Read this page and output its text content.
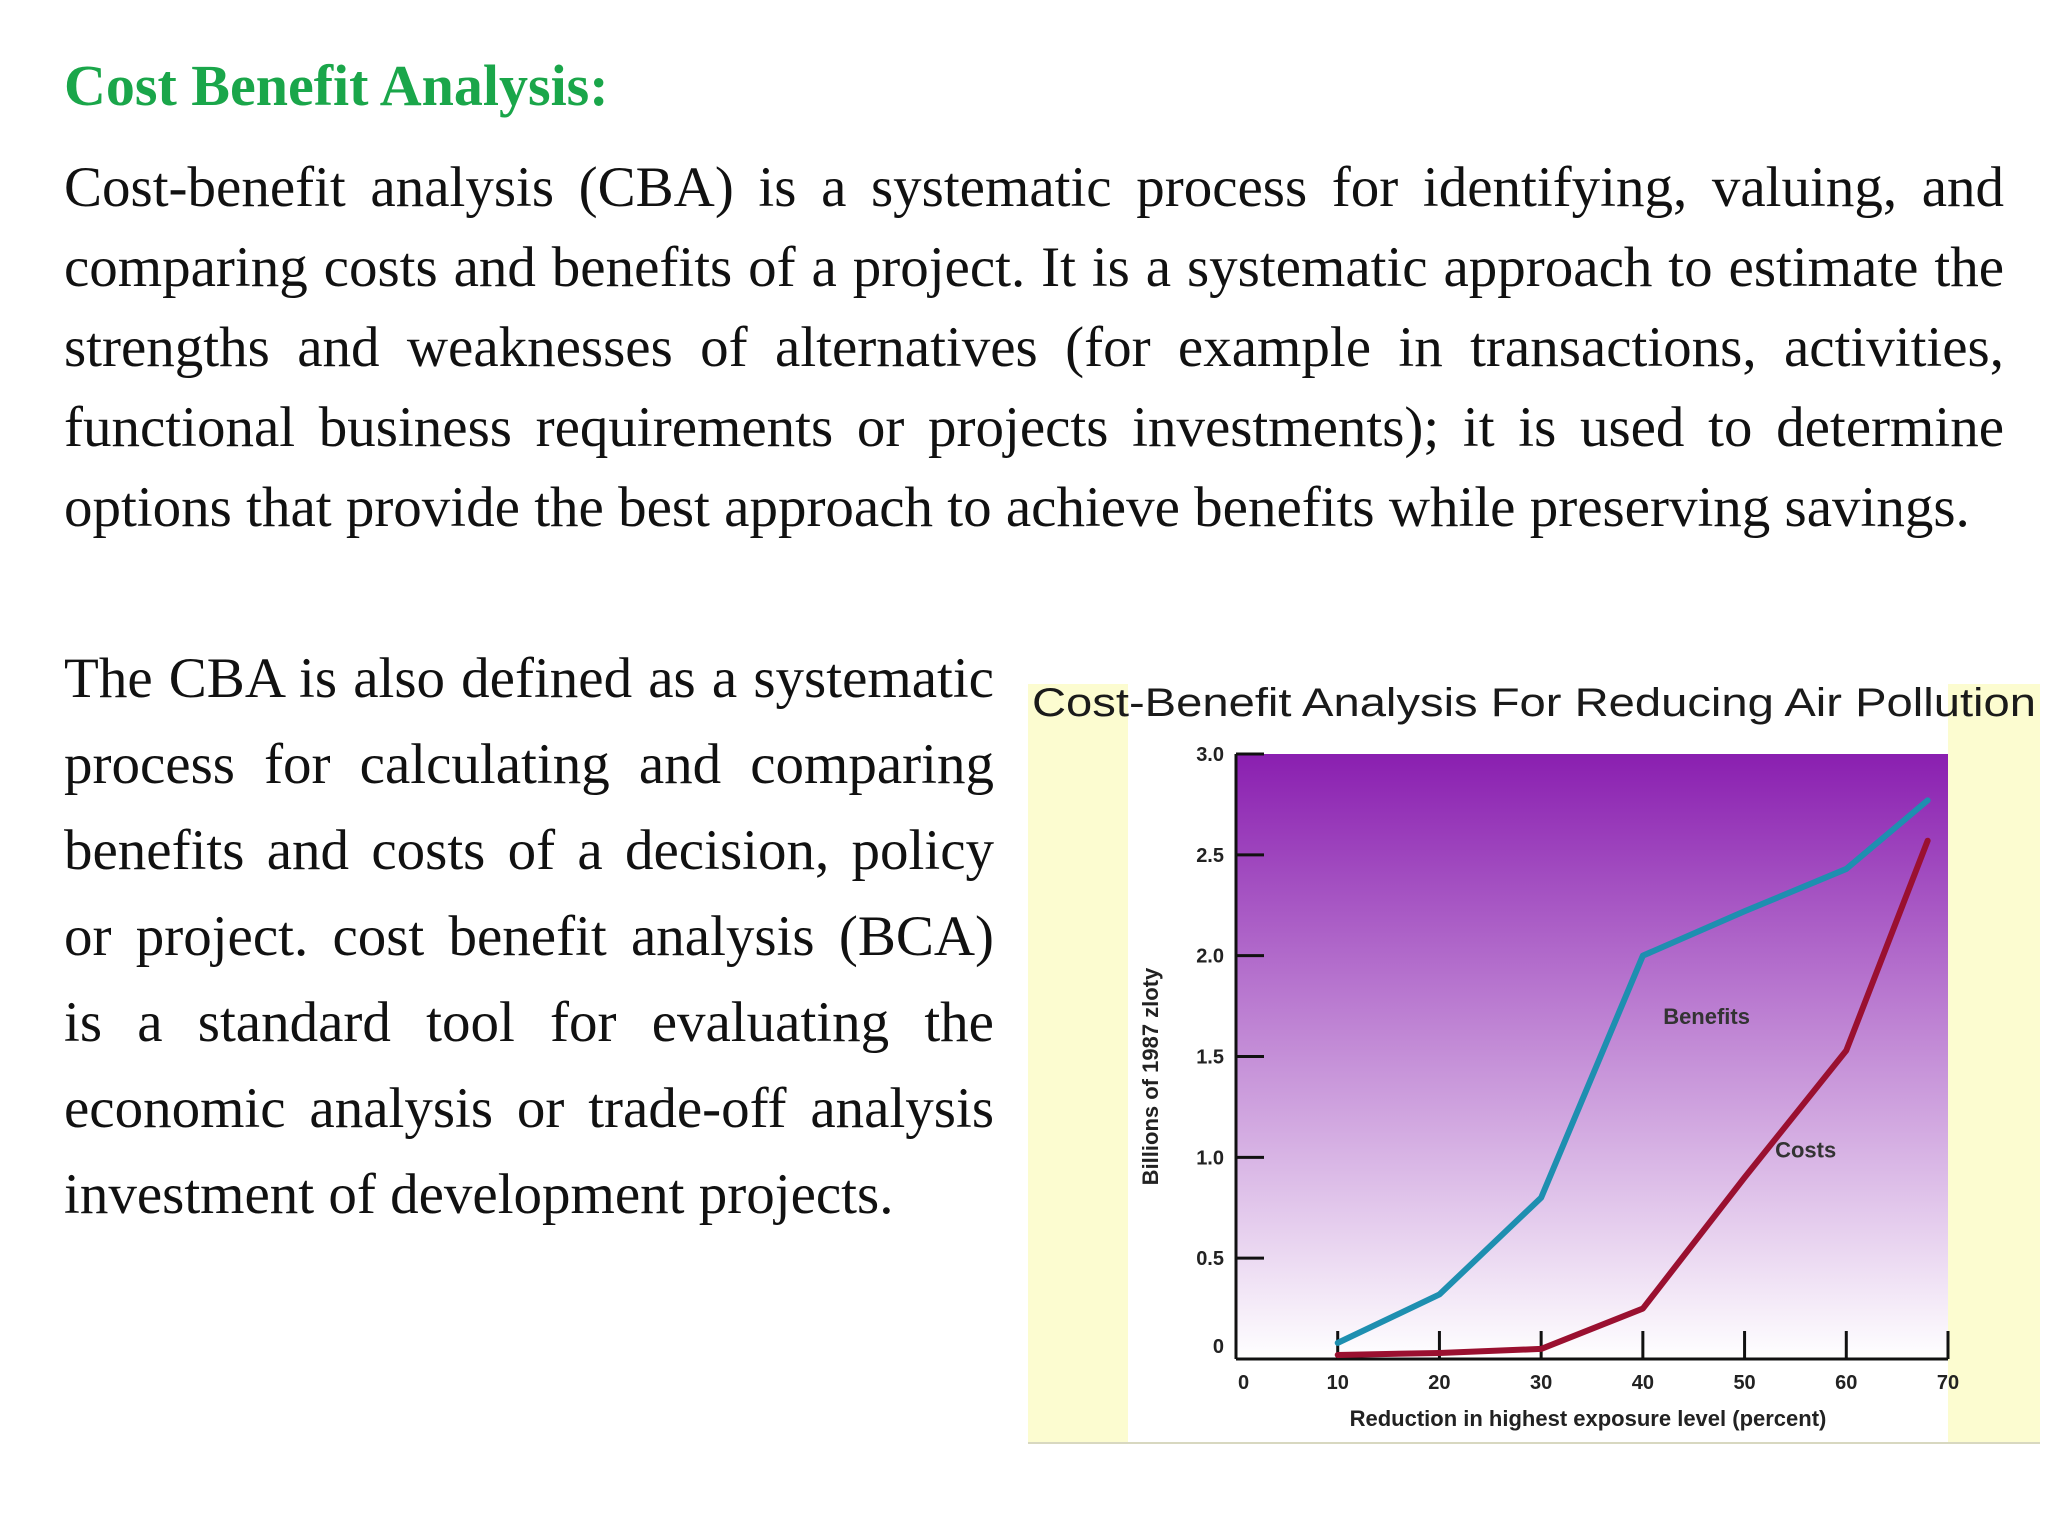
Cost Benefit Analysis:

Cost-benefit analysis (CBA) is a systematic process for identifying, valuing, and comparing costs and benefits of a project. It is a systematic approach to estimate the strengths and weaknesses of alternatives (for example in transactions, activities, functional business requirements or projects investments); it is used to determine options that provide the best approach to achieve benefits while preserving savings.

The CBA is also defined as a systematic process for calculating and comparing benefits and costs of a decision, policy or project. cost benefit analysis (BCA) is a standard tool for evaluating the economic analysis or trade-off analysis investment of development projects.

Cost-Benefit Analysis For Reducing Air Pollution
0
0.5
1.0
1.5
2.0
2.5
3.0
0	10	20	30	40	50	60	70
Benefits
Costs
Billions of 1987 zloty
Reduction in highest exposure level (percent)
